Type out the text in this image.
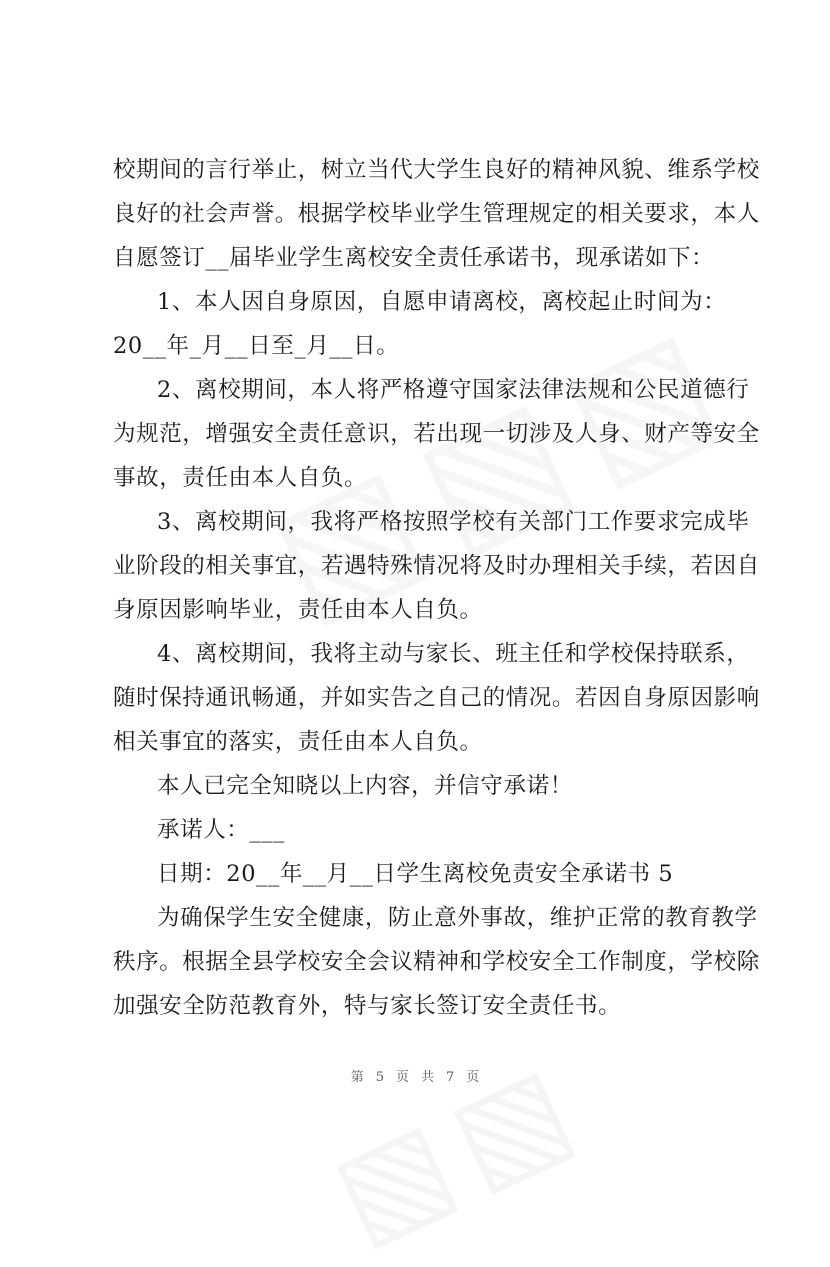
校期间的言行举止，树立当代大学生良好的精神风貌、维系学校
良好的社会声誉。根据学校毕业学生管理规定的相关要求，本人
自愿签订__届毕业学生离校安全责任承诺书，现承诺如下：
1、本人因自身原因，自愿申请离校，离校起止时间为：
20__年_月__日至_月__日。
2、离校期间，本人将严格遵守国家法律法规和公民道德行
为规范，增强安全责任意识，若出现一切涉及人身、财产等安全
事故，责任由本人自负。
3、离校期间，我将严格按照学校有关部门工作要求完成毕
业阶段的相关事宜，若遇特殊情况将及时办理相关手续，若因自
身原因影响毕业，责任由本人自负。
4、离校期间，我将主动与家长、班主任和学校保持联系，
随时保持通讯畅通，并如实告之自己的情况。若因自身原因影响
相关事宜的落实，责任由本人自负。
本人已完全知晓以上内容，并信守承诺！
承诺人：___
日期：20__年__月__日学生离校免责安全承诺书 5
为确保学生安全健康，防止意外事故，维护正常的教育教学
秩序。根据全县学校安全会议精神和学校安全工作制度，学校除
加强安全防范教育外，特与家长签订安全责任书。
第 5 页 共 7 页
